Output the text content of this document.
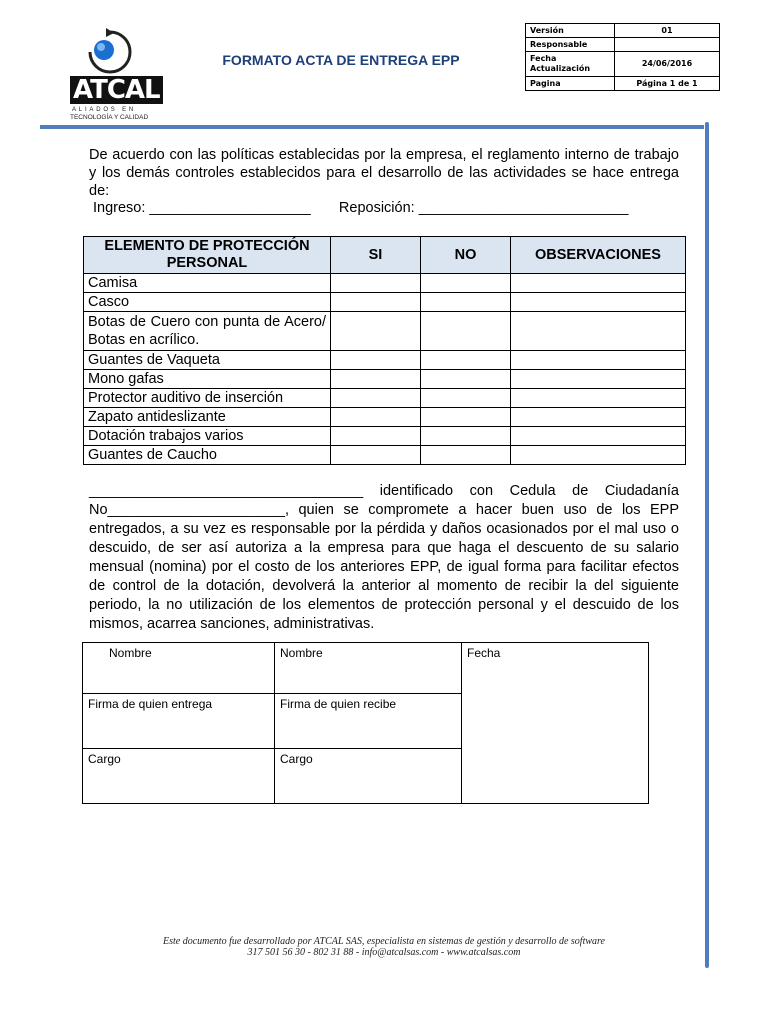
ATCAL
ALIADOS EN
TECNOLOGÍA Y CALIDAD
FORMATO ACTA DE ENTREGA EPP
Versión	01
Responsable	
Fecha Actualización	24/06/2016
Pagina	Página 1 de 1
De acuerdo con las políticas establecidas por la empresa, el reglamento interno de trabajo y los demás controles establecidos para el desarrollo de las actividades se hace entrega de:
Ingreso: ____________________ Reposición: __________________________
ELEMENTO DE PROTECCIÓN PERSONAL	SI	NO	OBSERVACIONES
Camisa			
Casco			
Botas de Cuero con punta de Acero/ Botas en acrílico.			
Guantes de Vaqueta			
Mono gafas			
Protector auditivo de inserción			
Zapato antideslizante			
Dotación trabajos varios			
Guantes de Caucho			
__________________________________ identificado con Cedula de Ciudadanía No______________________, quien se compromete a hacer buen uso de los EPP entregados, a su vez es responsable por la pérdida y daños ocasionados por el mal uso o descuido, de ser así autoriza a la empresa para que haga el descuento de su salario mensual (nomina) por el costo de los anteriores EPP, de igual forma para facilitar efectos de control de la dotación, devolverá la anterior al momento de recibir la del siguiente periodo, la no utilización de los elementos de protección personal y el descuido de los mismos, acarrea sanciones, administrativas.
Nombre	Nombre	Fecha
Firma de quien entrega	Firma de quien recibe	
Cargo	Cargo	
Este documento fue desarrollado por ATCAL SAS, especialista en sistemas de gestión y desarrollo de software
317 501 56 30 - 802 31 88 - info@atcalsas.com - www.atcalsas.com
